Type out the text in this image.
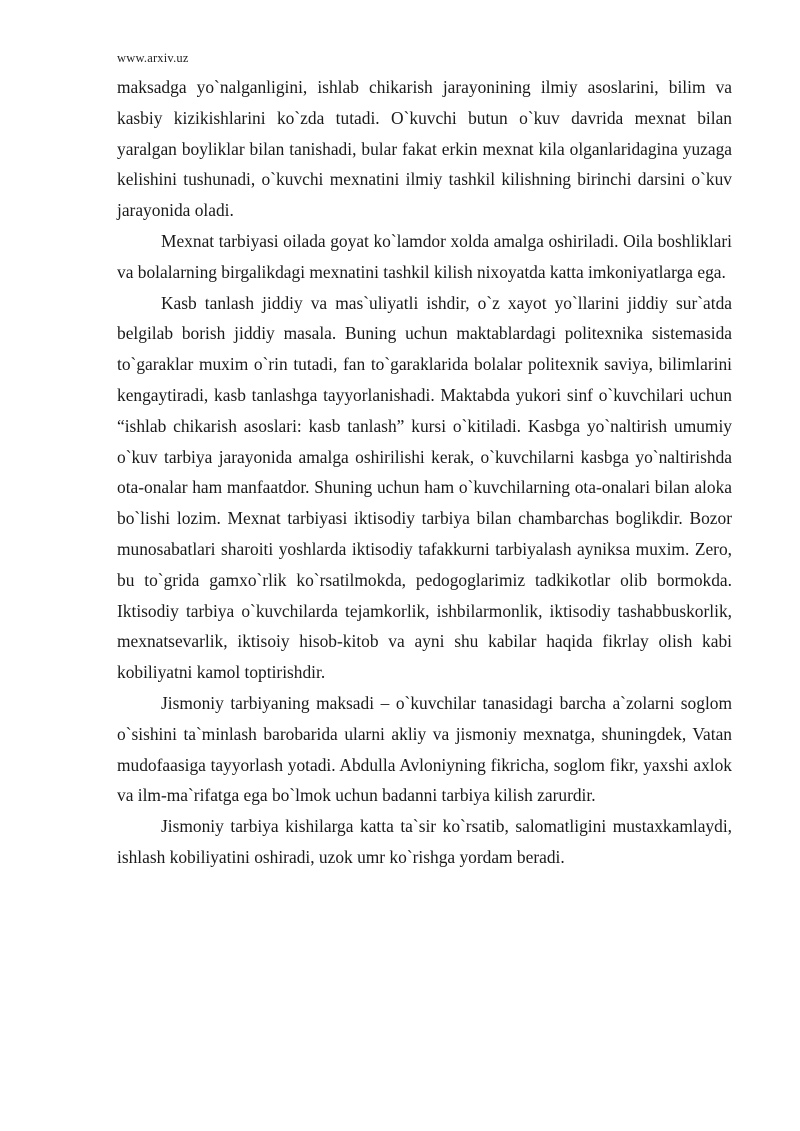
www.arxiv.uz

maksadga yo`nalganligini, ishlab chikarish jarayonining ilmiy asoslarini, bilim va kasbiy kizikishlarini ko`zda tutadi. O`kuvchi butun o`kuv davrida mexnat bilan yaralgan boyliklar bilan tanishadi, bular fakat erkin mexnat kila olganlaridagina yuzaga kelishini tushunadi, o`kuvchi mexnatini ilmiy tashkil kilishning birinchi darsini o`kuv jarayonida oladi.

Mexnat tarbiyasi oilada goyat ko`lamdor xolda amalga oshiriladi. Oila boshliklari va bolalarning birgalikdagi mexnatini tashkil kilish nixoyatda katta imkoniyatlarga ega.

Kasb tanlash jiddiy va mas`uliyatli ishdir, o`z xayot yo`llarini jiddiy sur`atda belgilab borish jiddiy masala. Buning uchun maktablardagi politexnika sistemasida to`garaklar muxim o`rin tutadi, fan to`garaklarida bolalar politexnik saviya, bilimlarini kengaytiradi, kasb tanlashga tayyorlanishadi. Maktabda yukori sinf o`kuvchilari uchun “ishlab chikarish asoslari: kasb tanlash” kursi o`kitiladi. Kasbga yo`naltirish umumiy o`kuv tarbiya jarayonida amalga oshirilishi kerak, o`kuvchilarni kasbga yo`naltirishda ota-onalar ham manfaatdor. Shuning uchun ham o`kuvchilarning ota-onalari bilan aloka bo`lishi lozim. Mexnat tarbiyasi iktisodiy tarbiya bilan chambarchas boglikdir. Bozor munosabatlari sharoiti yoshlarda iktisodiy tafakkurni tarbiyalash ayniksa muxim. Zero, bu to`grida gamxo`rlik ko`rsatilmokda, pedogoglarimiz tadkikotlar olib bormokda. Iktisodiy tarbiya o`kuvchilarda tejamkorlik, ishbilarmonlik, iktisodiy tashabbuskorlik, mexnatsevarlik, iktisoiy hisob-kitob va ayni shu kabilar haqida fikrlay olish kabi kobiliyatni kamol toptirishdir.

Jismoniy tarbiyaning maksadi – o`kuvchilar tanasidagi barcha a`zolarni soglom o`sishini ta`minlash barobarida ularni akliy va jismoniy mexnatga, shuningdek, Vatan mudofaasiga tayyorlash yotadi. Abdulla Avloniyning fikricha, soglom fikr, yaxshi axlok va ilm-ma`rifatga ega bo`lmok uchun badanni tarbiya kilish zarurdir.

Jismoniy tarbiya kishilarga katta ta`sir ko`rsatib, salomatligini mustaxkamlaydi, ishlash kobiliyatini oshiradi, uzok umr ko`rishga yordam beradi.
